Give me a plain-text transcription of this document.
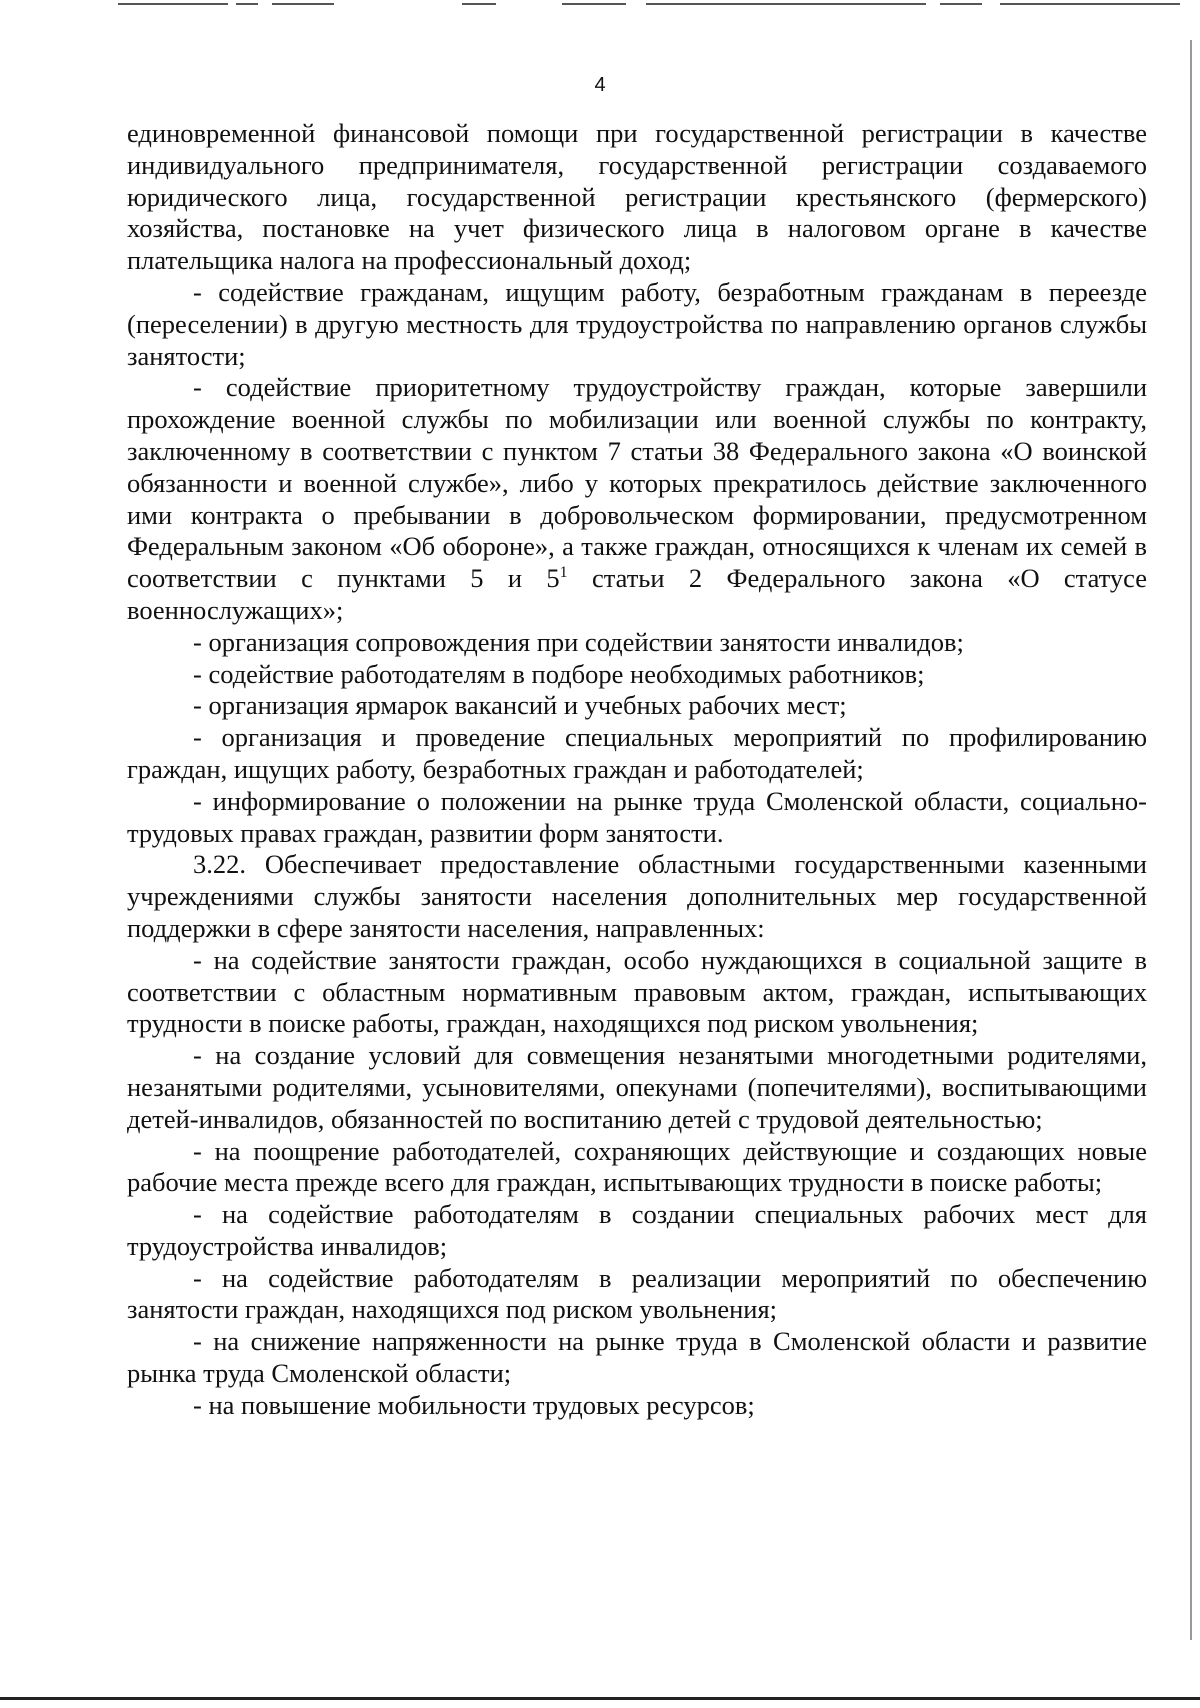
4

единовременной финансовой помощи при государственной регистрации в качестве индивидуального предпринимателя, государственной регистрации создаваемого юридического лица, государственной регистрации крестьянского (фермерского) хозяйства, постановке на учет физического лица в налоговом органе в качестве плательщика налога на профессиональный доход;

- содействие гражданам, ищущим работу, безработным гражданам в переезде (переселении) в другую местность для трудоустройства по направлению органов службы занятости;

- содействие приоритетному трудоустройству граждан, которые завершили прохождение военной службы по мобилизации или военной службы по контракту, заключенному в соответствии с пунктом 7 статьи 38 Федерального закона «О воинской обязанности и военной службе», либо у которых прекратилось действие заключенного ими контракта о пребывании в добровольческом формировании, предусмотренном Федеральным законом «Об обороне», а также граждан, относящихся к членам их семей в соответствии с пунктами 5 и $5^1$ статьи 2 Федерального закона «О статусе военнослужащих»;

- организация сопровождения при содействии занятости инвалидов;

- содействие работодателям в подборе необходимых работников;

- организация ярмарок вакансий и учебных рабочих мест;

- организация и проведение специальных мероприятий по профилированию граждан, ищущих работу, безработных граждан и работодателей;

- информирование о положении на рынке труда Смоленской области, социально-трудовых правах граждан, развитии форм занятости.

3.22. Обеспечивает предоставление областными государственными казенными учреждениями службы занятости населения дополнительных мер государственной поддержки в сфере занятости населения, направленных:

- на содействие занятости граждан, особо нуждающихся в социальной защите в соответствии с областным нормативным правовым актом, граждан, испытывающих трудности в поиске работы, граждан, находящихся под риском увольнения;

- на создание условий для совмещения незанятыми многодетными родителями, незанятыми родителями, усыновителями, опекунами (попечителями), воспитывающими детей-инвалидов, обязанностей по воспитанию детей с трудовой деятельностью;

- на поощрение работодателей, сохраняющих действующие и создающих новые рабочие места прежде всего для граждан, испытывающих трудности в поиске работы;

- на содействие работодателям в создании специальных рабочих мест для трудоустройства инвалидов;

- на содействие работодателям в реализации мероприятий по обеспечению занятости граждан, находящихся под риском увольнения;

- на снижение напряженности на рынке труда в Смоленской области и развитие рынка труда Смоленской области;

- на повышение мобильности трудовых ресурсов;
